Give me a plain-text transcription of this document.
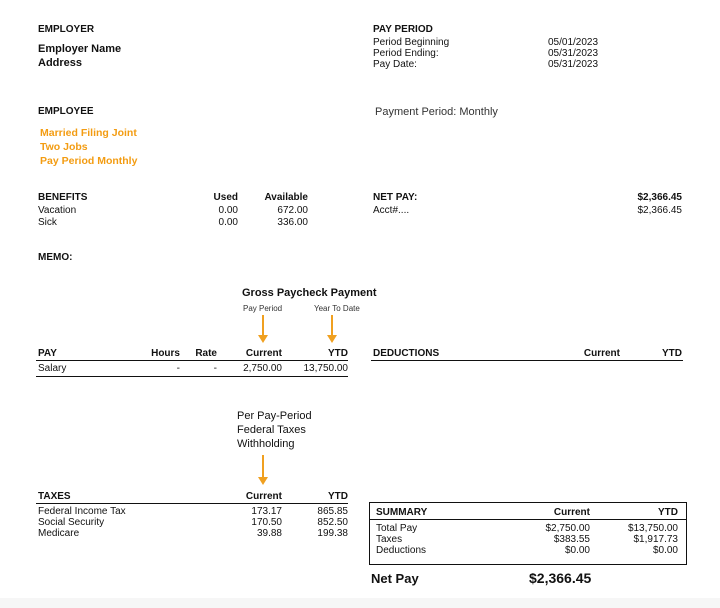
EMPLOYER
Employer Name
Address
PAY PERIOD
Period Beginning	05/01/2023
Period Ending:	05/31/2023
Pay Date:	05/31/2023
EMPLOYEE
Married Filing Joint
Two Jobs
Pay Period Monthly
Payment Period: Monthly
BENEFITS	Used	Available
Vacation	0.00	672.00
Sick	0.00	336.00
NET PAY:	$2,366.45
Acct#....	$2,366.45
MEMO:
Gross Paycheck Payment
Pay Period	Year To Date
PAY	Hours	Rate	Current	YTD
Salary	-	-	2,750.00	13,750.00
DEDUCTIONS	Current	YTD
Per Pay-Period
Federal Taxes
Withholding
TAXES	Current	YTD
Federal Income Tax	173.17	865.85
Social Security	170.50	852.50
Medicare	39.88	199.38
SUMMARY	Current	YTD
Total Pay	$2,750.00	$13,750.00
Taxes	$383.55	$1,917.73
Deductions	$0.00	$0.00
Net Pay	$2,366.45
